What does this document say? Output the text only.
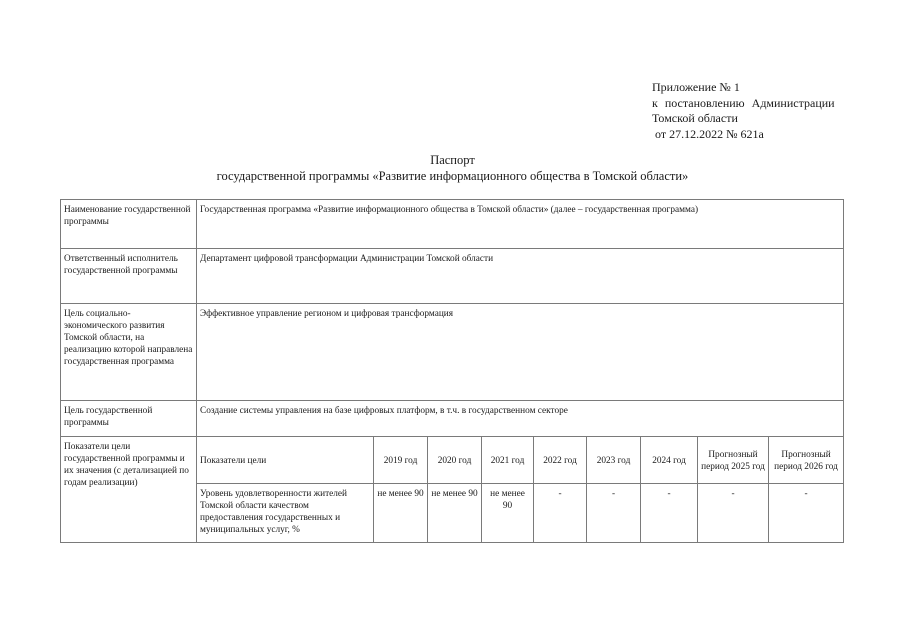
Приложение № 1
к постановлению Администрации
Томской области
от 27.12.2022 № 621а
Паспорт
государственной программы «Развитие информационного общества в Томской области»
Наименование государственной программы	Государственная программа «Развитие информационного общества в Томской области» (далее – государственная программа)								
Ответственный исполнитель государственной программы	Департамент цифровой трансформации Администрации Томской области								
Цель социально-экономического развития Томской области, на реализацию которой направлена государственная программа	Эффективное управление регионом и цифровая трансформация								
Цель государственной программы	Создание системы управления на базе цифровых платформ, в т.ч. в государственном секторе								
Показатели цели государственной программы и их значения (с детализацией по годам реализации)	Показатели цели	2019 год	2020 год	2021 год	2022 год	2023 год	2024 год	Прогнозный период 2025 год	Прогнозный период 2026 год
	Уровень удовлетворенности жителей Томской области качеством предоставления государственных и муниципальных услуг, %	не менее 90	не менее 90	не менее 90	-	-	-	-	-
